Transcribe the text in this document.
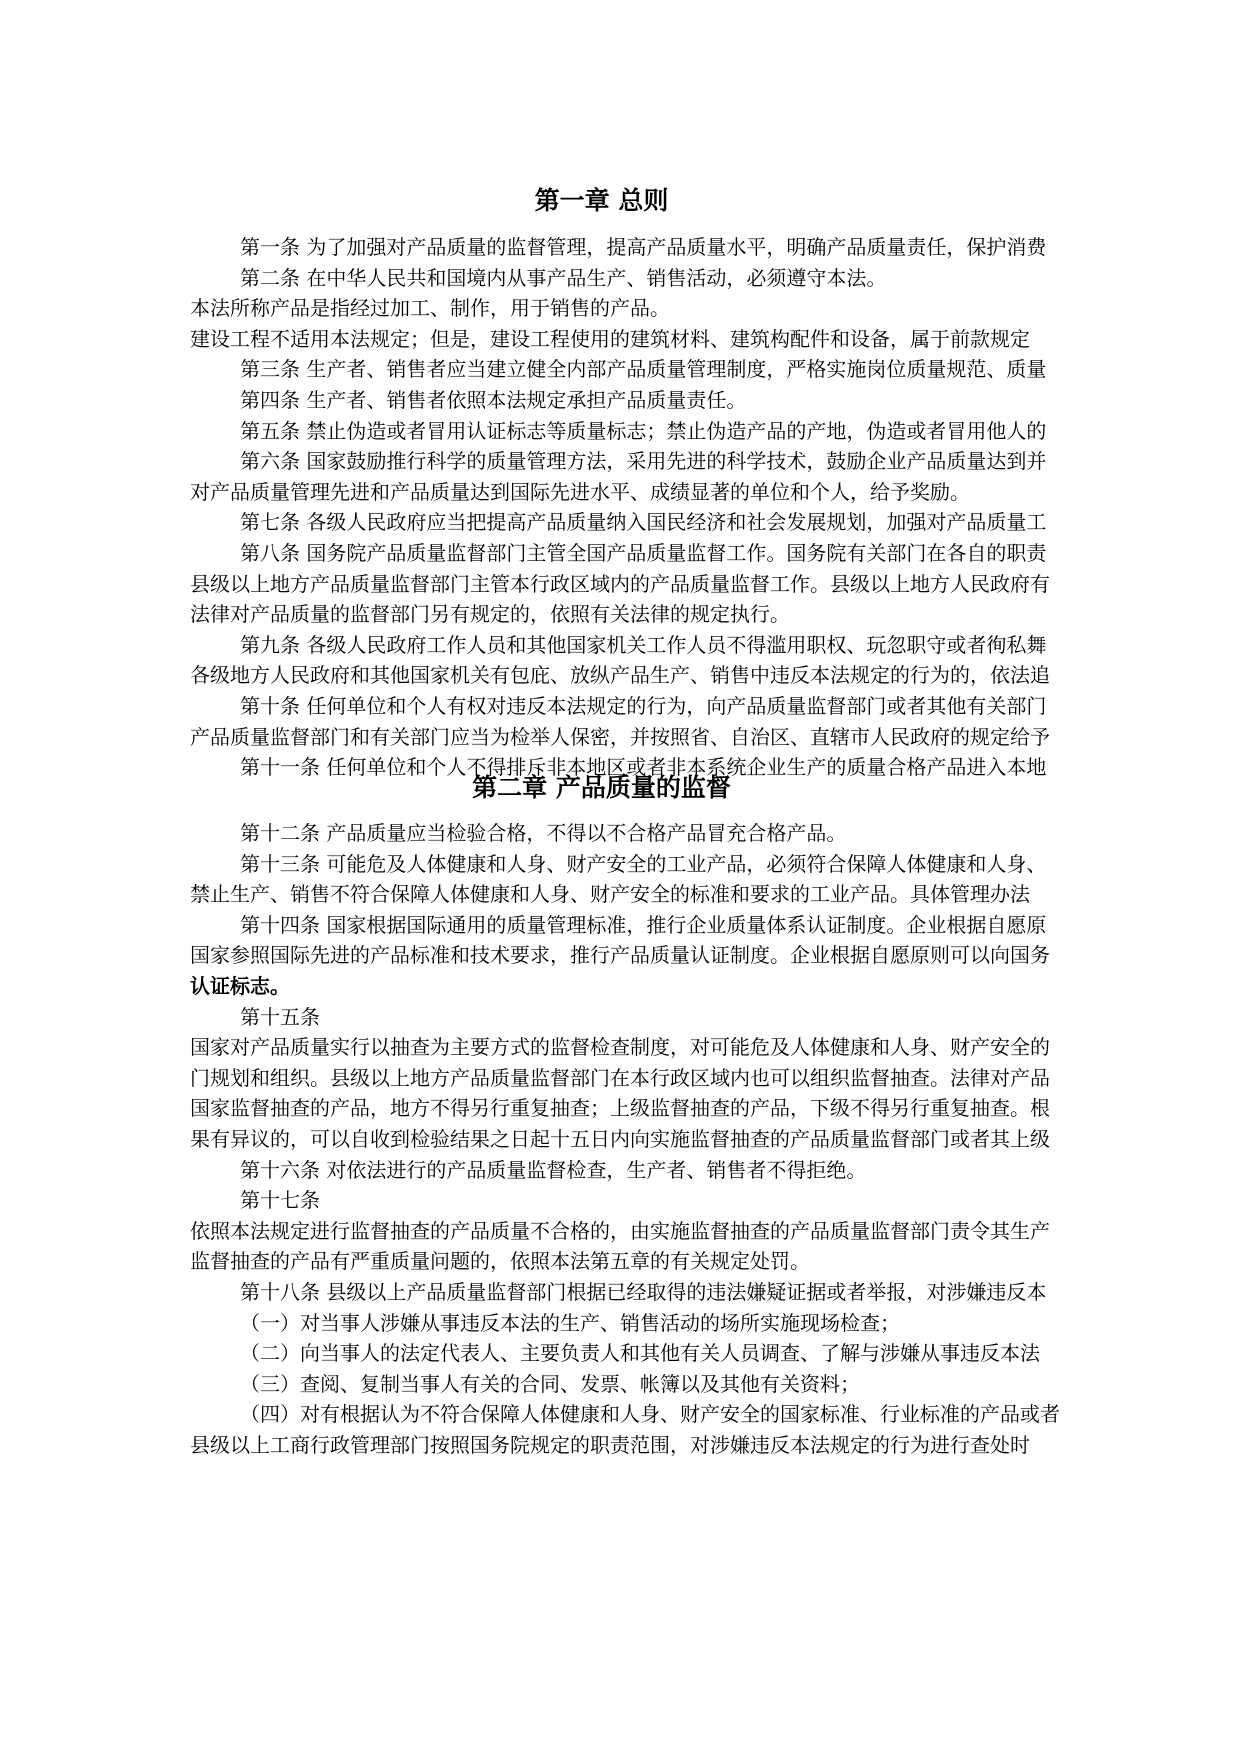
第一章 总则
第一条 为了加强对产品质量的监督管理，提高产品质量水平，明确产品质量责任，保护消费
第二条 在中华人民共和国境内从事产品生产、销售活动，必须遵守本法。
本法所称产品是指经过加工、制作，用于销售的产品。
建设工程不适用本法规定；但是，建设工程使用的建筑材料、建筑构配件和设备，属于前款规定
第三条 生产者、销售者应当建立健全内部产品质量管理制度，严格实施岗位质量规范、质量
第四条 生产者、销售者依照本法规定承担产品质量责任。
第五条 禁止伪造或者冒用认证标志等质量标志；禁止伪造产品的产地，伪造或者冒用他人的
第六条 国家鼓励推行科学的质量管理方法，采用先进的科学技术，鼓励企业产品质量达到并
对产品质量管理先进和产品质量达到国际先进水平、成绩显著的单位和个人，给予奖励。
第七条 各级人民政府应当把提高产品质量纳入国民经济和社会发展规划，加强对产品质量工
第八条 国务院产品质量监督部门主管全国产品质量监督工作。国务院有关部门在各自的职责
县级以上地方产品质量监督部门主管本行政区域内的产品质量监督工作。县级以上地方人民政府有
法律对产品质量的监督部门另有规定的，依照有关法律的规定执行。
第九条 各级人民政府工作人员和其他国家机关工作人员不得滥用职权、玩忽职守或者徇私舞
各级地方人民政府和其他国家机关有包庇、放纵产品生产、销售中违反本法规定的行为的，依法追
第十条 任何单位和个人有权对违反本法规定的行为，向产品质量监督部门或者其他有关部门
产品质量监督部门和有关部门应当为检举人保密，并按照省、自治区、直辖市人民政府的规定给予
第十一条 任何单位和个人不得排斥非本地区或者非本系统企业生产的质量合格产品进入本地
第二章 产品质量的监督
第十二条 产品质量应当检验合格，不得以不合格产品冒充合格产品。
第十三条 可能危及人体健康和人身、财产安全的工业产品，必须符合保障人体健康和人身、
禁止生产、销售不符合保障人体健康和人身、财产安全的标准和要求的工业产品。具体管理办法
第十四条 国家根据国际通用的质量管理标准，推行企业质量体系认证制度。企业根据自愿原
国家参照国际先进的产品标准和技术要求，推行产品质量认证制度。企业根据自愿原则可以向国务
认证标志。
第十五条
国家对产品质量实行以抽查为主要方式的监督检查制度，对可能危及人体健康和人身、财产安全的
门规划和组织。县级以上地方产品质量监督部门在本行政区域内也可以组织监督抽查。法律对产品
国家监督抽查的产品，地方不得另行重复抽查；上级监督抽查的产品，下级不得另行重复抽查。根
果有异议的，可以自收到检验结果之日起十五日内向实施监督抽查的产品质量监督部门或者其上级
第十六条 对依法进行的产品质量监督检查，生产者、销售者不得拒绝。
第十七条
依照本法规定进行监督抽查的产品质量不合格的，由实施监督抽查的产品质量监督部门责令其生产
监督抽查的产品有严重质量问题的，依照本法第五章的有关规定处罚。
第十八条 县级以上产品质量监督部门根据已经取得的违法嫌疑证据或者举报，对涉嫌违反本
（一）对当事人涉嫌从事违反本法的生产、销售活动的场所实施现场检查；
（二）向当事人的法定代表人、主要负责人和其他有关人员调查、了解与涉嫌从事违反本法
（三）查阅、复制当事人有关的合同、发票、帐簿以及其他有关资料；
（四）对有根据认为不符合保障人体健康和人身、财产安全的国家标准、行业标准的产品或者
县级以上工商行政管理部门按照国务院规定的职责范围，对涉嫌违反本法规定的行为进行查处时
